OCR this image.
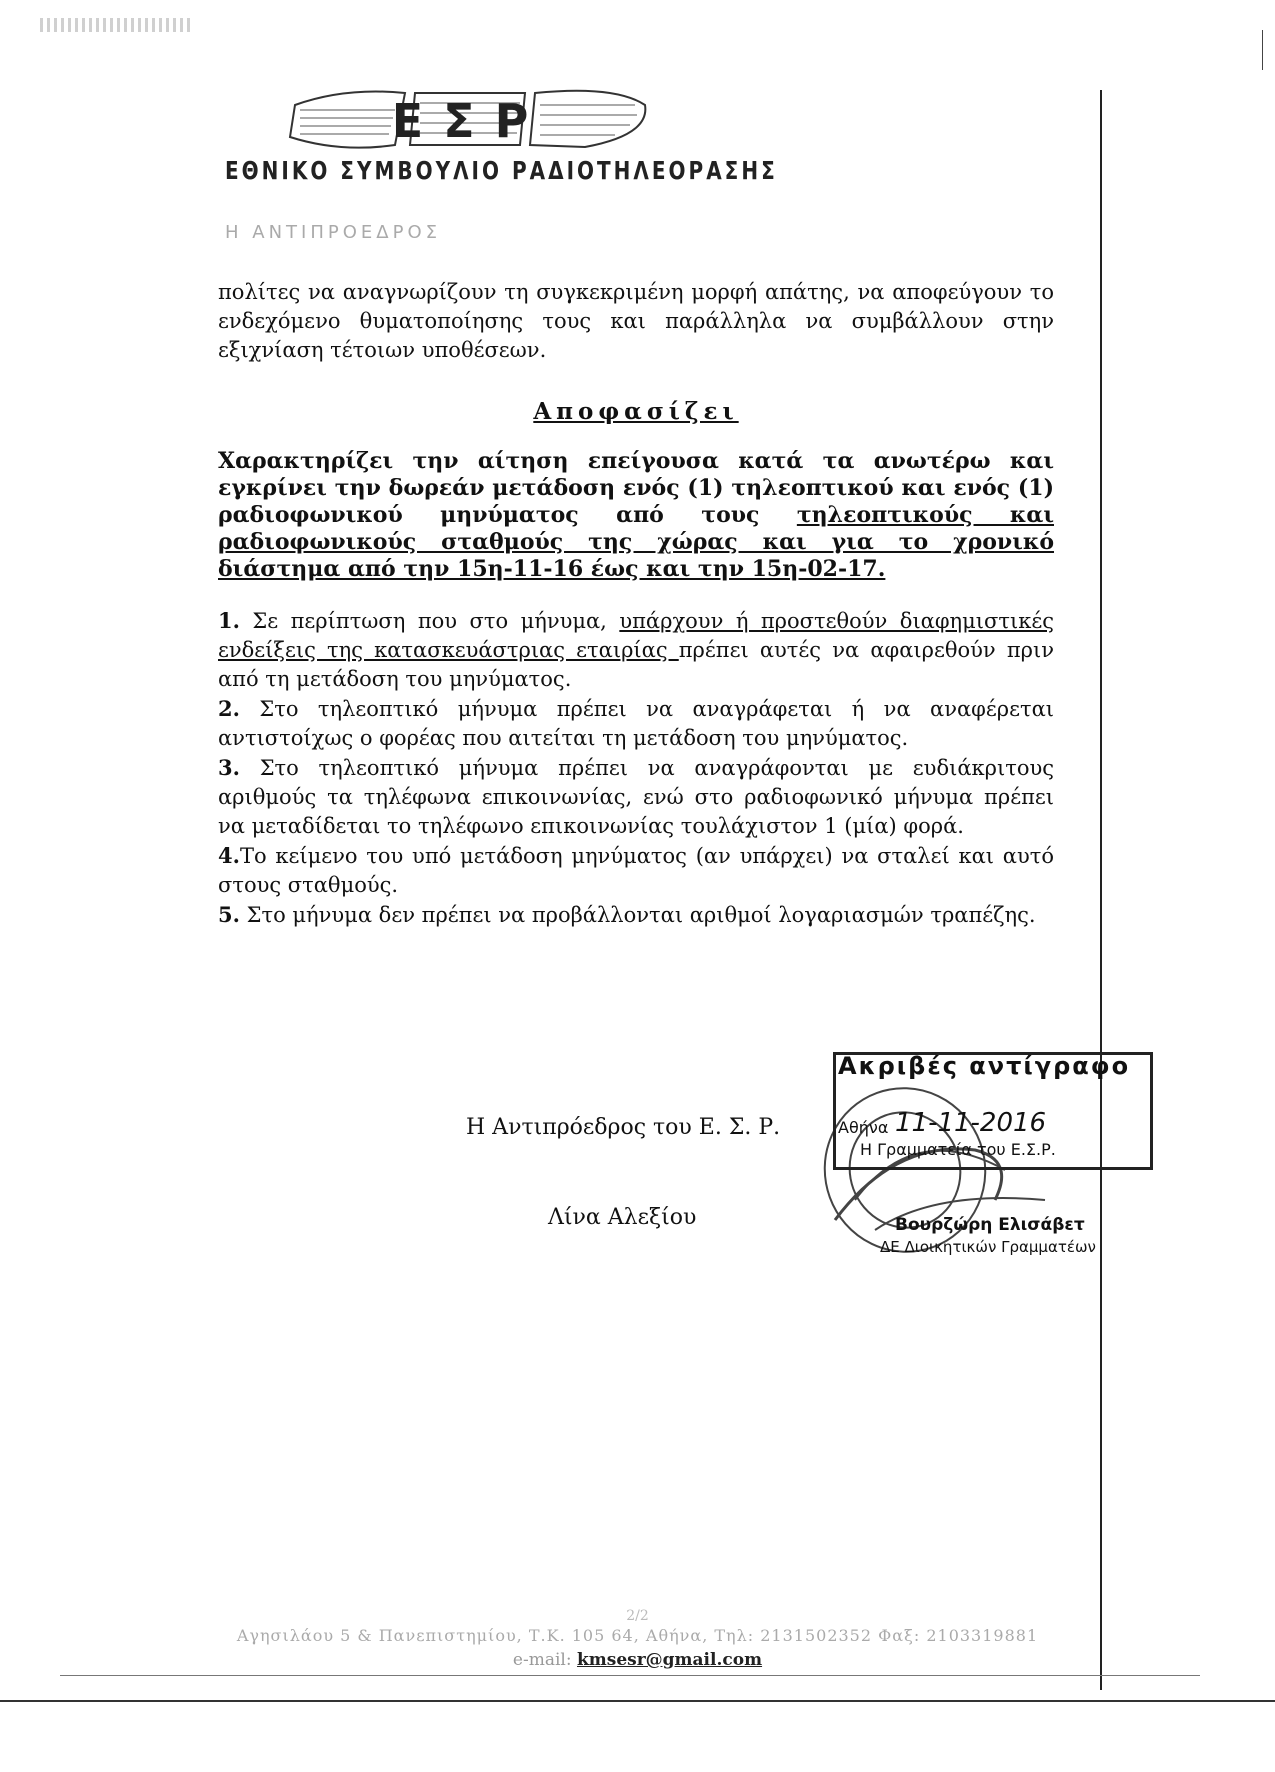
ΕΣΡ
ΕΘΝΙΚΟ ΣΥΜΒΟΥΛΙΟ ΡΑΔΙΟΤΗΛΕΟΡΑΣΗΣ
Η ΑΝΤΙΠΡΟΕΔΡΟΣ
πολίτες να αναγνωρίζουν τη συγκεκριμένη μορφή απάτης, να αποφεύγουν το ενδεχόμενο θυματοποίησης τους και παράλληλα να συμβάλλουν στην εξιχνίαση τέτοιων υποθέσεων.
Αποφασίζει
Χαρακτηρίζει την αίτηση επείγουσα κατά τα ανωτέρω και εγκρίνει την δωρεάν μετάδοση ενός (1) τηλεοπτικού και ενός (1) ραδιοφωνικού μηνύματος από τους τηλεοπτικούς και ραδιοφωνικούς σταθμούς της χώρας και για το χρονικό διάστημα από την 15η-11-16 έως και την 15η-02-17.
1. Σε περίπτωση που στο μήνυμα, υπάρχουν ή προστεθούν διαφημιστικές ενδείξεις της κατασκευάστριας εταιρίας πρέπει αυτές να αφαιρεθούν πριν από τη μετάδοση του μηνύματος.
2. Στο τηλεοπτικό μήνυμα πρέπει να αναγράφεται ή να αναφέρεται αντιστοίχως ο φορέας που αιτείται τη μετάδοση του μηνύματος.
3. Στο τηλεοπτικό μήνυμα πρέπει να αναγράφονται με ευδιάκριτους αριθμούς τα τηλέφωνα επικοινωνίας, ενώ στο ραδιοφωνικό μήνυμα πρέπει να μεταδίδεται το τηλέφωνο επικοινωνίας τουλάχιστον 1 (μία) φορά.
4.Το κείμενο του υπό μετάδοση μηνύματος (αν υπάρχει) να σταλεί και αυτό στους σταθμούς.
5. Στο μήνυμα δεν πρέπει να προβάλλονται αριθμοί λογαριασμών τραπέζης.
Η Αντιπρόεδρος του Ε. Σ. Ρ.
Λίνα Αλεξίου
Ακριβές αντίγραφο
Αθήνα 11-11-2016
Η Γραμματεία του Ε.Σ.Ρ.
Βουρζώρη Ελισάβετ
ΔΕ Διοικητικών Γραμματέων
2/2
Αγησιλάου 5 & Πανεπιστημίου, Τ.Κ. 105 64, Αθήνα, Τηλ: 2131502352 Φαξ: 2103319881
e-mail: kmsesr@gmail.com
